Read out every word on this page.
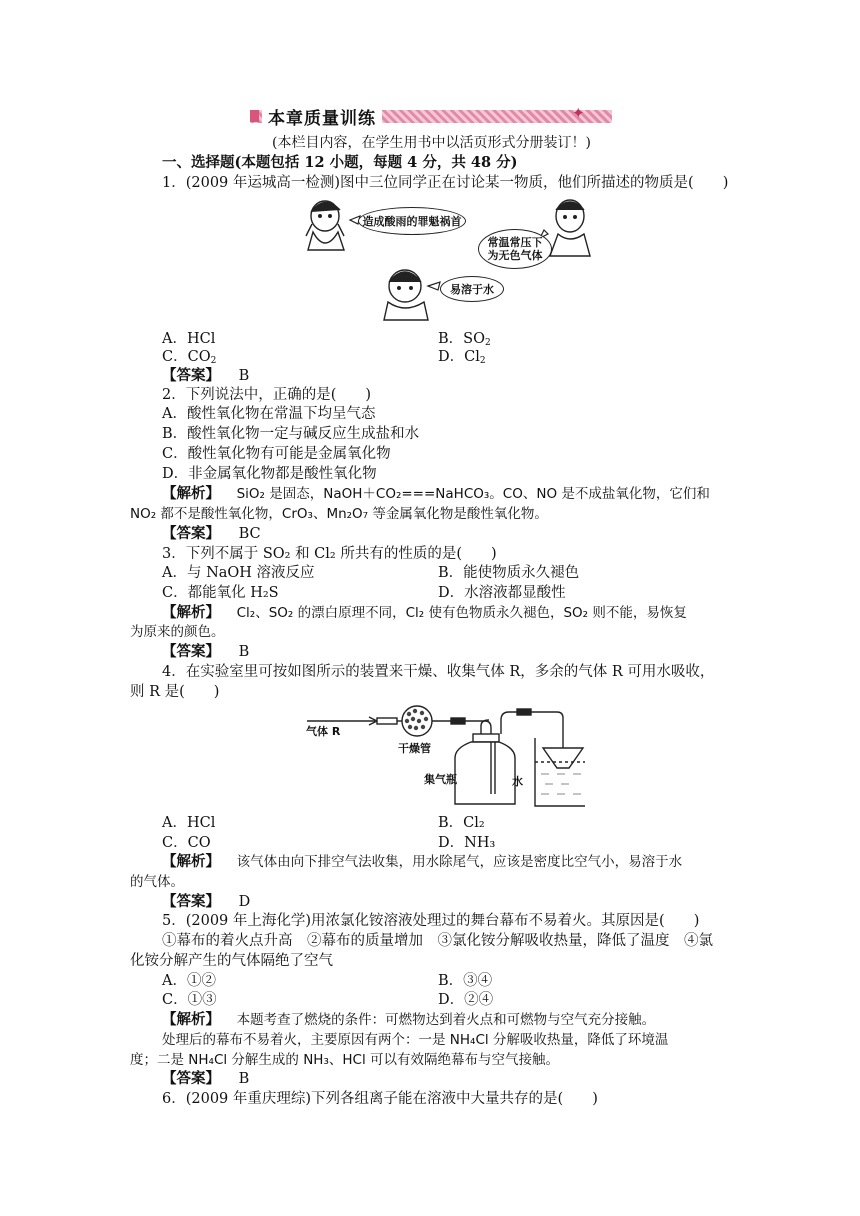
本章质量训练	✦
(本栏目内容，在学生用书中以活页形式分册装订！)
一、选择题(本题包括 12 小题，每题 4 分，共 48 分)
1．(2009 年运城高一检测)图中三位同学正在讨论某一物质，他们所描述的物质是(　　)
造成酸雨的罪魁祸首
常温常压下
为无色气体
易溶于水
A．HCl	B．$SO_2$
C．$CO_2$	D．$Cl_2$
【答案】 B
2．下列说法中，正确的是(　　)
A．酸性氧化物在常温下均呈气态
B．酸性氧化物一定与碱反应生成盐和水
C．酸性氧化物有可能是金属氧化物
D．非金属氧化物都是酸性氧化物
【解析】 SiO₂ 是固态，NaOH＋CO₂===NaHCO₃。CO、NO 是不成盐氧化物，它们和
NO₂ 都不是酸性氧化物，CrO₃、Mn₂O₇ 等金属氧化物是酸性氧化物。
【答案】 BC
3．下列不属于 SO₂ 和 Cl₂ 所共有的性质的是(　　)
A．与 NaOH 溶液反应	B．能使物质永久褪色
C．都能氧化 H₂S	D．水溶液都显酸性
【解析】 Cl₂、SO₂ 的漂白原理不同，Cl₂ 使有色物质永久褪色，SO₂ 则不能，易恢复
为原来的颜色。
【答案】 B
4．在实验室里可按如图所示的装置来干燥、收集气体 R，多余的气体 R 可用水吸收，
则 R 是(　　)
气体 R
干燥管
集气瓶	水
A．HCl	B．Cl₂
C．CO	D．NH₃
【解析】 该气体由向下排空气法收集，用水除尾气，应该是密度比空气小，易溶于水
的气体。
【答案】 D
5．(2009 年上海化学)用浓氯化铵溶液处理过的舞台幕布不易着火。其原因是(　　)
①幕布的着火点升高　②幕布的质量增加　③氯化铵分解吸收热量，降低了温度　④氯
化铵分解产生的气体隔绝了空气
A．①②	B．③④
C．①③	D．②④
【解析】 本题考查了燃烧的条件：可燃物达到着火点和可燃物与空气充分接触。
处理后的幕布不易着火，主要原因有两个：一是 NH₄Cl 分解吸收热量，降低了环境温
度；二是 NH₄Cl 分解生成的 NH₃、HCl 可以有效隔绝幕布与空气接触。
【答案】 B
6．(2009 年重庆理综)下列各组离子能在溶液中大量共存的是(　　)
